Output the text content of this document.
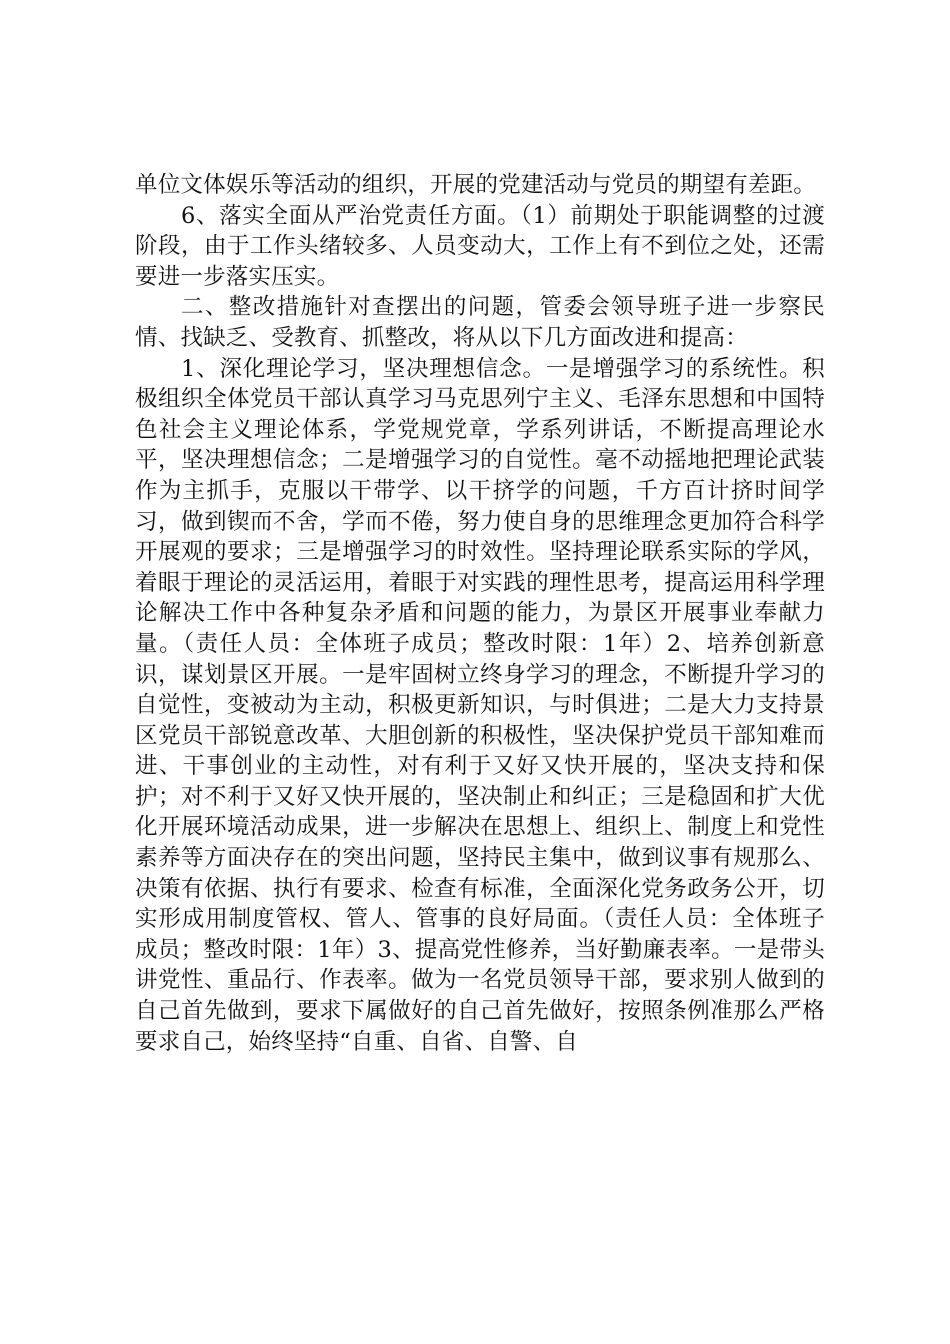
单位文体娱乐等活动的组织，开展的党建活动与党员的期望有差距。

6、落实全面从严治党责任方面。（1）前期处于职能调整的过渡阶段，由于工作头绪较多、人员变动大，工作上有不到位之处，还需要进一步落实压实。

二、整改措施针对查摆出的问题，管委会领导班子进一步察民情、找缺乏、受教育、抓整改，将从以下几方面改进和提高：

1、深化理论学习，坚决理想信念。一是增强学习的系统性。积极组织全体党员干部认真学习马克思列宁主义、毛泽东思想和中国特色社会主义理论体系，学党规党章，学系列讲话，不断提高理论水平，坚决理想信念；二是增强学习的自觉性。毫不动摇地把理论武装作为主抓手，克服以干带学、以干挤学的问题，千方百计挤时间学习，做到锲而不舍，学而不倦，努力使自身的思维理念更加符合科学开展观的要求；三是增强学习的时效性。坚持理论联系实际的学风，着眼于理论的灵活运用，着眼于对实践的理性思考，提高运用科学理论解决工作中各种复杂矛盾和问题的能力，为景区开展事业奉献力量。（责任人员：全体班子成员；整改时限：1年）2、培养创新意识，谋划景区开展。一是牢固树立终身学习的理念，不断提升学习的自觉性，变被动为主动，积极更新知识，与时俱进；二是大力支持景区党员干部锐意改革、大胆创新的积极性，坚决保护党员干部知难而进、干事创业的主动性，对有利于又好又快开展的，坚决支持和保护；对不利于又好又快开展的，坚决制止和纠正；三是稳固和扩大优化开展环境活动成果，进一步解决在思想上、组织上、制度上和党性素养等方面决存在的突出问题，坚持民主集中，做到议事有规那么、决策有依据、执行有要求、检查有标准，全面深化党务政务公开，切实形成用制度管权、管人、管事的良好局面。（责任人员：全体班子成员；整改时限：1年）3、提高党性修养，当好勤廉表率。一是带头讲党性、重品行、作表率。做为一名党员领导干部，要求别人做到的自己首先做到，要求下属做好的自己首先做好，按照条例准那么严格要求自己，始终坚持“自重、自省、自警、自
